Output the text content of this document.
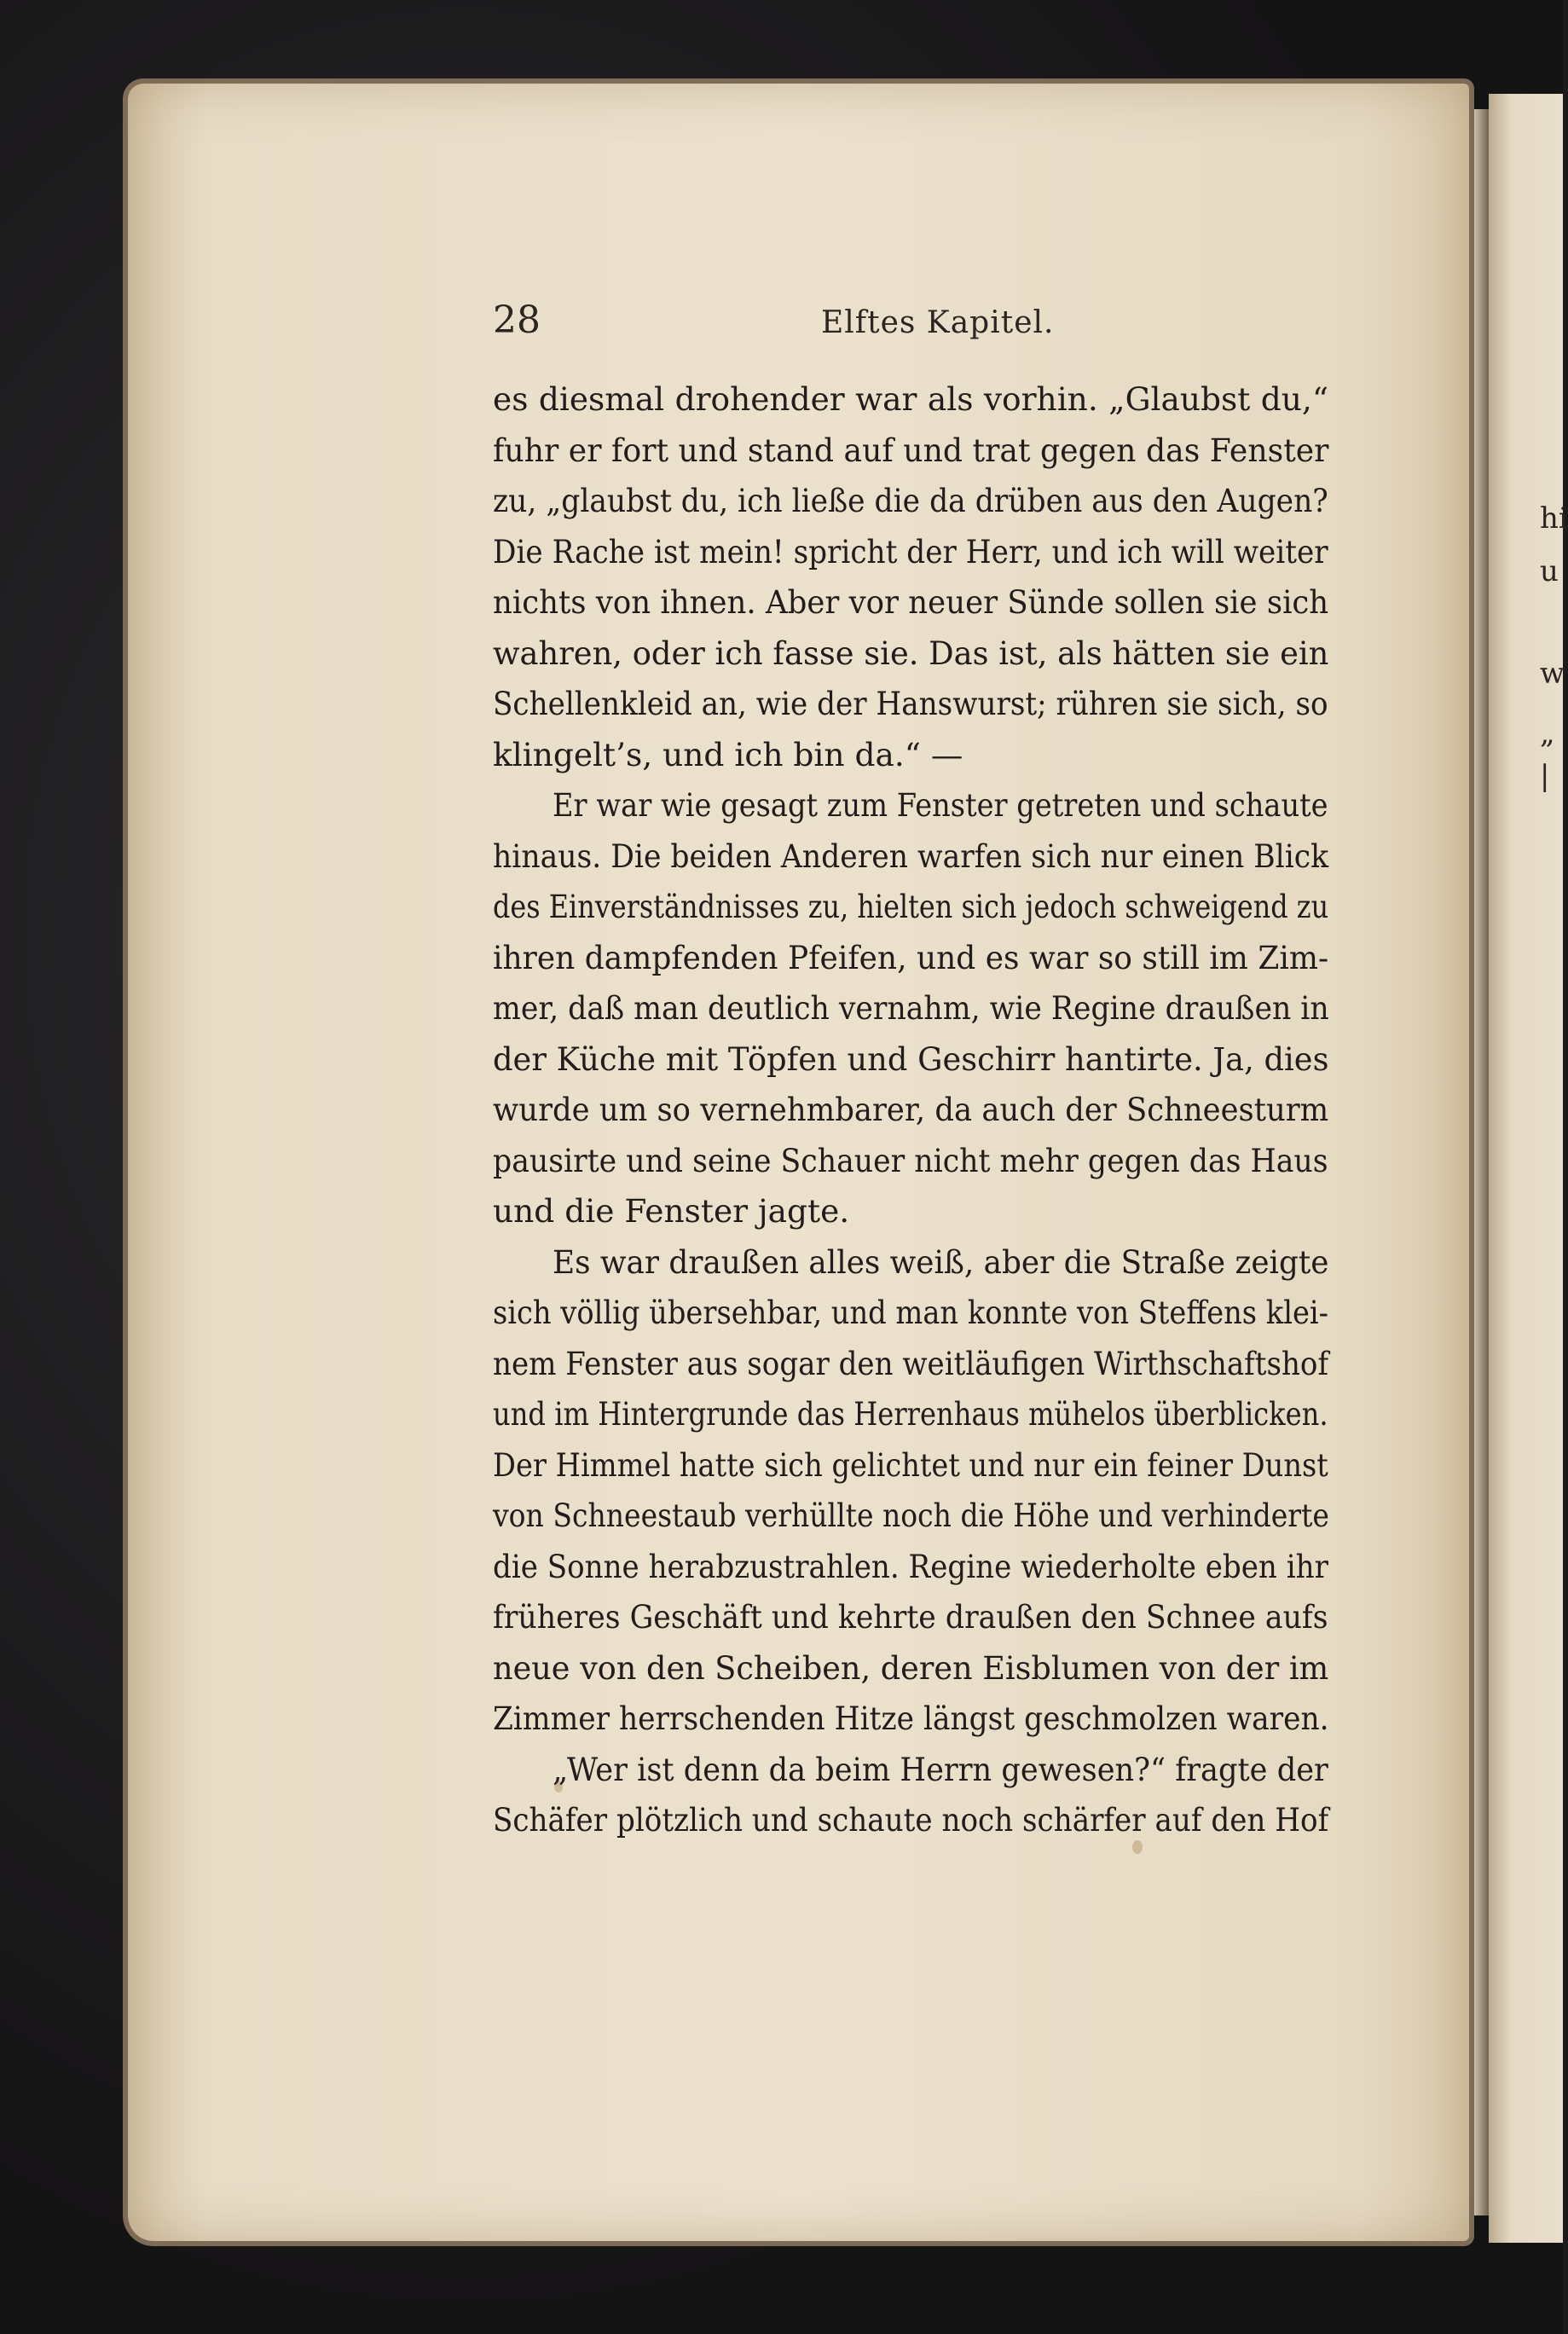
hi
u
w
„
|
28	Elftes Kapitel.
es diesmal drohender war als vorhin. „Glaubst du,“
fuhr er fort und stand auf und trat gegen das Fenster
zu, „glaubst du, ich ließe die da drüben aus den Augen?
Die Rache ist mein! spricht der Herr, und ich will weiter
nichts von ihnen. Aber vor neuer Sünde sollen sie sich
wahren, oder ich fasse sie. Das ist, als hätten sie ein
Schellenkleid an, wie der Hanswurst; rühren sie sich, so
klingelt’s, und ich bin da.“ —
Er war wie gesagt zum Fenster getreten und schaute
hinaus. Die beiden Anderen warfen sich nur einen Blick
des Einverständnisses zu, hielten sich jedoch schweigend zu
ihren dampfenden Pfeifen, und es war so still im Zim-
mer, daß man deutlich vernahm, wie Regine draußen in
der Küche mit Töpfen und Geschirr hantirte. Ja, dies
wurde um so vernehmbarer, da auch der Schneesturm
pausirte und seine Schauer nicht mehr gegen das Haus
und die Fenster jagte.
Es war draußen alles weiß, aber die Straße zeigte
sich völlig übersehbar, und man konnte von Steffens klei-
nem Fenster aus sogar den weitläufigen Wirthschaftshof
und im Hintergrunde das Herrenhaus mühelos überblicken.
Der Himmel hatte sich gelichtet und nur ein feiner Dunst
von Schneestaub verhüllte noch die Höhe und verhinderte
die Sonne herabzustrahlen. Regine wiederholte eben ihr
früheres Geschäft und kehrte draußen den Schnee aufs
neue von den Scheiben, deren Eisblumen von der im
Zimmer herrschenden Hitze längst geschmolzen waren.
„Wer ist denn da beim Herrn gewesen?“ fragte der
Schäfer plötzlich und schaute noch schärfer auf den Hof
